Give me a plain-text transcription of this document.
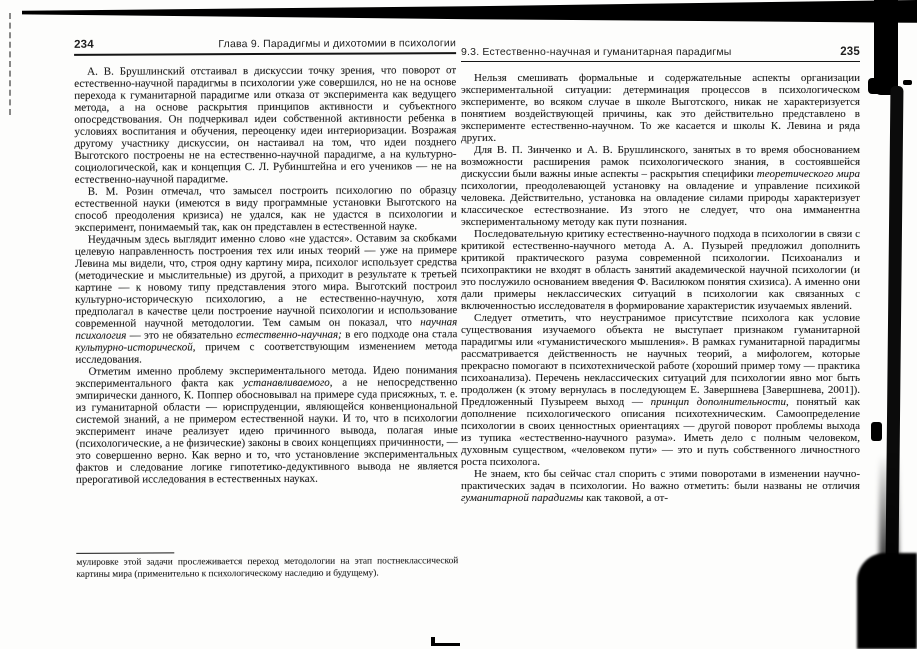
234	Глава 9. Парадигмы и дихотомии в психологии

А. В. Брушлинский отстаивал в дискуссии точку зрения, что поворот от естественно-научной парадигмы в психологии уже совершился, но не на основе перехода к гуманитарной парадигме или отказа от эксперимента как ведущего метода, а на основе раскрытия принципов активности и субъектного опосредствования. Он подчеркивал идеи собственной активности ребенка в условиях воспитания и обучения, переоценку идеи интериоризации. Возражая другому участнику дискуссии, он настаивал на том, что идеи позднего Выготского построены не на естественно-научной парадигме, а на культурно-социологической, как и концепция С. Л. Рубинштейна и его учеников — не на естественно-научной парадигме.

В. М. Розин отмечал, что замысел построить психологию по образцу естественной науки (имеются в виду программные установки Выготского на способ преодоления кризиса) не удался, как не удастся в психологии и эксперимент, понимаемый так, как он представлен в естественной науке.

Неудачным здесь выглядит именно слово «не удастся». Оставим за скобками целевую направленность построения тех или иных теорий — уже на примере Левина мы видели, что, строя одну картину мира, психолог использует средства (методические и мыслительные) из другой, а приходит в результате к третьей картине — к новому типу представления этого мира. Выготский построил культурно-историческую психологию, а не естественно-научную, хотя предполагал в качестве цели построение научной психологии и использование современной научной методологии. Тем самым он показал, что научная психология — это не обязательно естественно-научная; в его подходе она стала культурно-исторической, причем с соответствующим изменением метода исследования.

Отметим именно проблему экспериментального метода. Идею понимания экспериментального факта как устанавливаемого, а не непосредственно эмпирически данного, К. Поппер обосновывал на примере суда присяжных, т. е. из гуманитарной области — юриспруденции, являющейся конвенциональной системой знаний, а не примером естественной науки. И то, что в психологии эксперимент иначе реализует идею причинного вывода, полагая иные (психологические, а не физические) законы в своих концепциях причинности, — это совершенно верно. Как верно и то, что установление экспериментальных фактов и следование логике гипотетико-дедуктивного вывода не является прерогативой исследования в естественных науках.

мулировке этой задачи прослеживается переход методологии на этап постнеклассической картины мира (применительно к психологическому наследию и будущему).
9.3. Естественно-научная и гуманитарная парадигмы	235

Нельзя смешивать формальные и содержательные аспекты организации экспериментальной ситуации: детерминация процессов в психологическом эксперименте, во всяком случае в школе Выготского, никак не характеризуется понятием воздействующей причины, как это действительно представлено в эксперименте естественно-научном. То же касается и школы К. Левина и ряда других.

Для В. П. Зинченко и А. В. Брушлинского, занятых в то время обоснованием возможности расширения рамок психологического знания, в состоявшейся дискуссии были важны иные аспекты – раскрытия специфики теоретического мира психологии, преодолевающей установку на овладение и управление психикой человека. Действительно, установка на овладение силами природы характеризует классическое естествознание. Из этого не следует, что она имманентна экспериментальному методу как пути познания.

Последовательную критику естественно-научного подхода в психологии в связи с критикой естественно-научного метода А. А. Пузырей предложил дополнить критикой практического разума современной психологии. Психоанализ и психопрактики не входят в область занятий академической научной психологии (и это послужило основанием введения Ф. Василюком понятия схизиса). А именно они дали примеры неклассических ситуаций в психологии как связанных с включенностью исследователя в формирование характеристик изучаемых явлений.

Следует отметить, что неустранимое присутствие психолога как условие существования изучаемого объекта не выступает признаком гуманитарной парадигмы или «гуманистического мышления». В рамках гуманитарной парадигмы рассматривается действенность не научных теорий, а мифологем, которые прекрасно помогают в психотехнической работе (хороший пример тому — практика психоанализа). Перечень неклассических ситуаций для психологии явно мог быть продолжен (к этому вернулась в последующем Е. Завершнева [Завершнева, 2001]). Предложенный Пузыреем выход — принцип дополнительности, понятый как дополнение психологического описания психотехническим. Самоопределение психологии в своих ценностных ориентациях — другой поворот проблемы выхода из тупика «естественно-научного разума». Иметь дело с полным человеком, духовным существом, «человеком пути» — это и путь собственного личностного роста психолога.

Не знаем, кто бы сейчас стал спорить с этими поворотами в изменении научно-практических задач в психологии. Но важно отметить: были названы не отличия гуманитарной парадигмы как таковой, а от-
